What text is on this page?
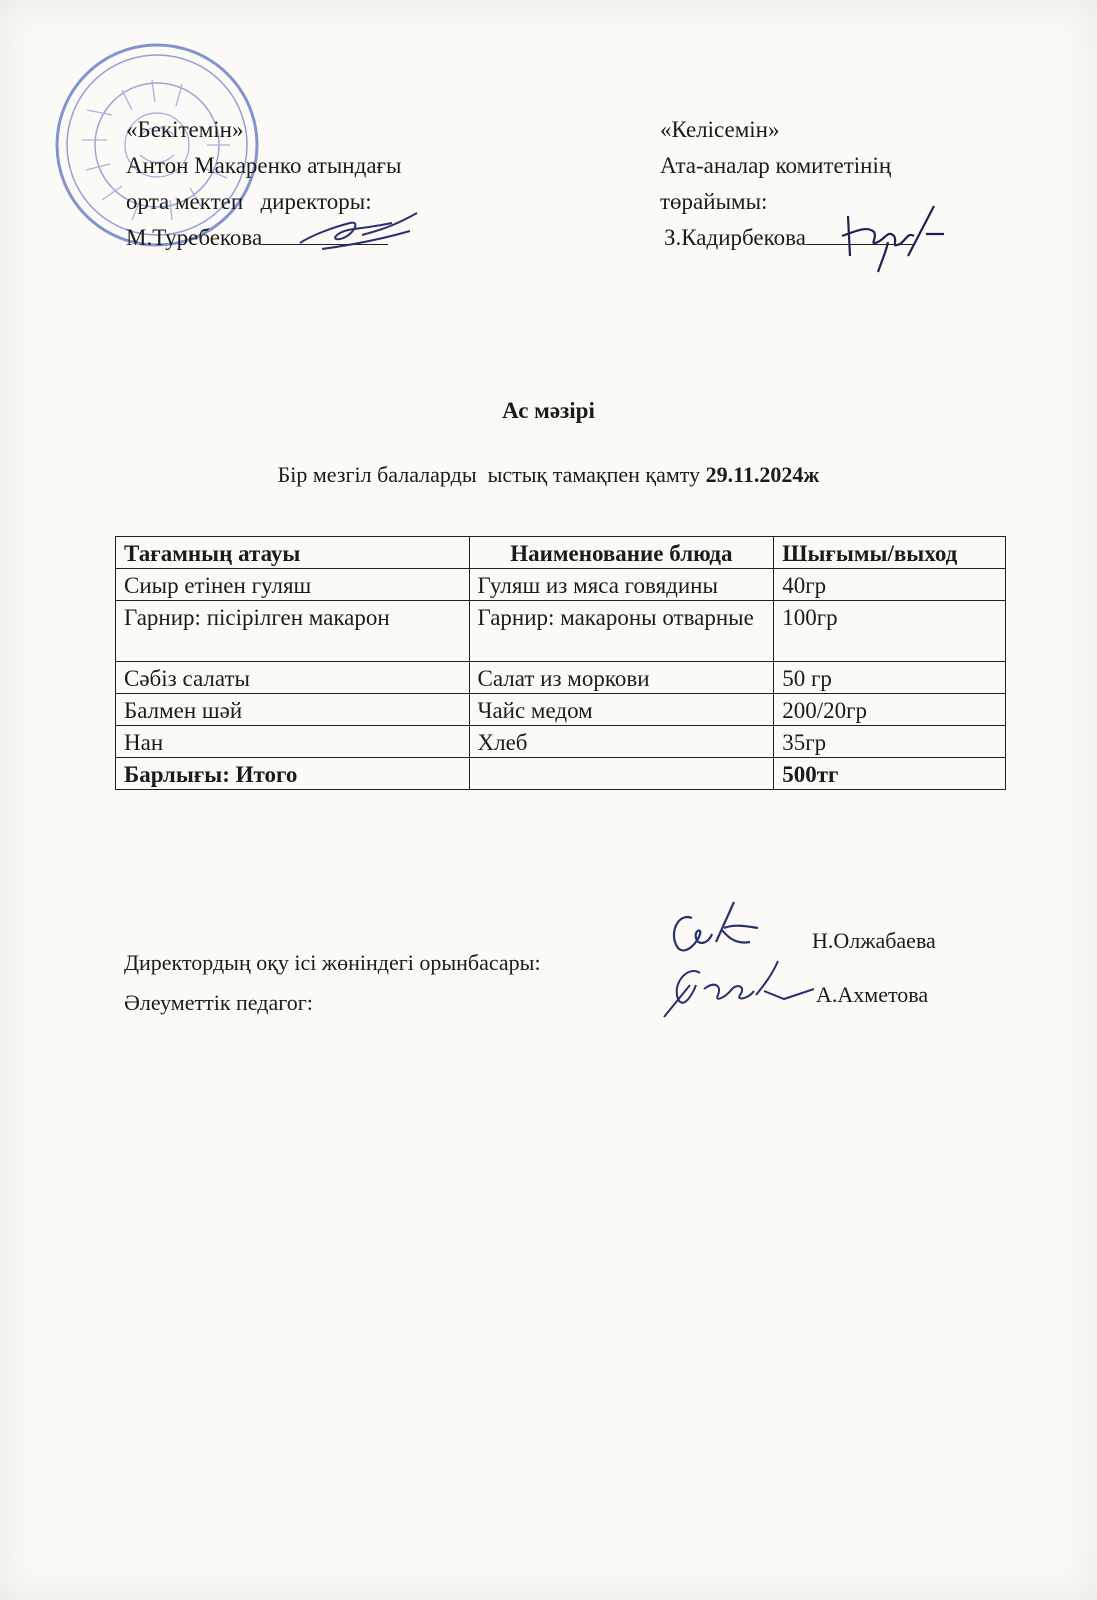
«Бекітемін»
Антон Макаренко атындағы
орта мектеп   директоры:
М.Туребекова
«Келісемін»
Ата-аналар комитетінің
төрайымы:
З.Кадирбекова
Ас мәзірі
Бір мезгіл балаларды  ыстық тамақпен қамту 29.11.2024ж
Тағамның атауы	Наименование блюда	Шығымы/выход
Сиыр етінен гуляш	Гуляш из мяса говядины	40гр
Гарнир: пісірілген макарон	Гарнир: макароны отварные	100гр
Сәбіз салаты	Салат из моркови	50 гр
Балмен шәй	Чайс медом	200/20гр
Нан	Хлеб	35гр
Барлығы: Итого		500тг
Директордың оқу ісі жөніндегі орынбасары:
Н.Олжабаева
Әлеуметтік педагог:	А.Ахметова
